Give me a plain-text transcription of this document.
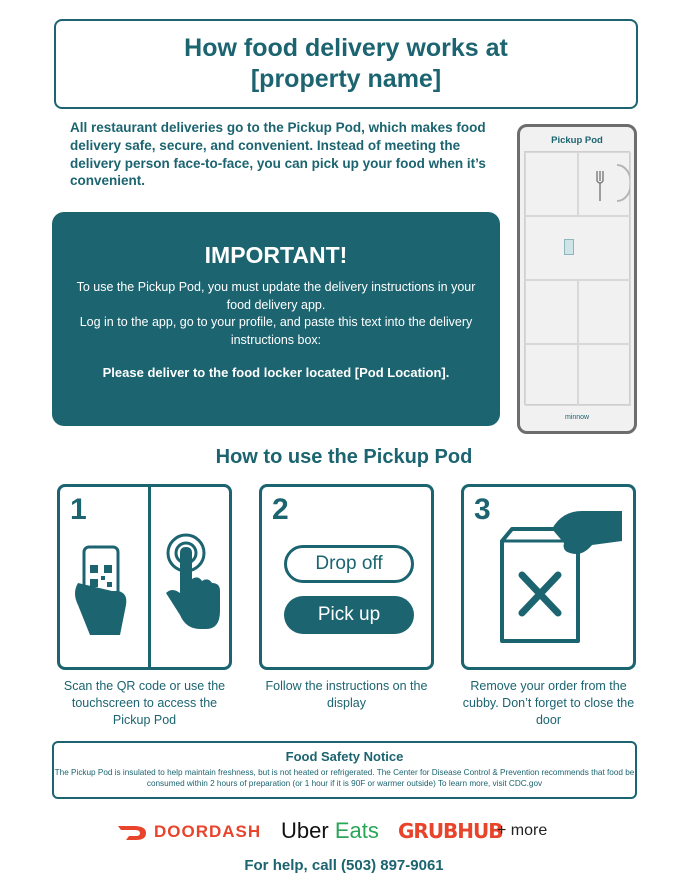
How food delivery works at
[property name]
All restaurant deliveries go to the Pickup Pod, which makes food delivery safe, secure, and convenient. Instead of meeting the delivery person face-to-face, you can pick up your food when it’s convenient.
IMPORTANT!
To use the Pickup Pod, you must update the delivery instructions in your food delivery app.
Log in to the app, go to your profile, and paste this text into the delivery instructions box:
Please deliver to the food locker located [Pod Location].
Pickup Pod
minnow
How to use the Pickup Pod
1
Scan the QR code or use the touchscreen to access the Pickup Pod
2
Drop off
Pick up
Follow the instructions on the display
3
Remove your order from the cubby. Don’t forget to close the door
Food Safety Notice
The Pickup Pod is insulated to help maintain freshness, but is not heated or refrigerated. The Center for Disease Control & Prevention recommends that food be consumed within 2 hours of preparation (or 1 hour if it is 90F or warmer outside) To learn more, visit CDC.gov
DOORDASH Uber Eats GRUBHUB
+ more
For help, call (503) 897-9061
